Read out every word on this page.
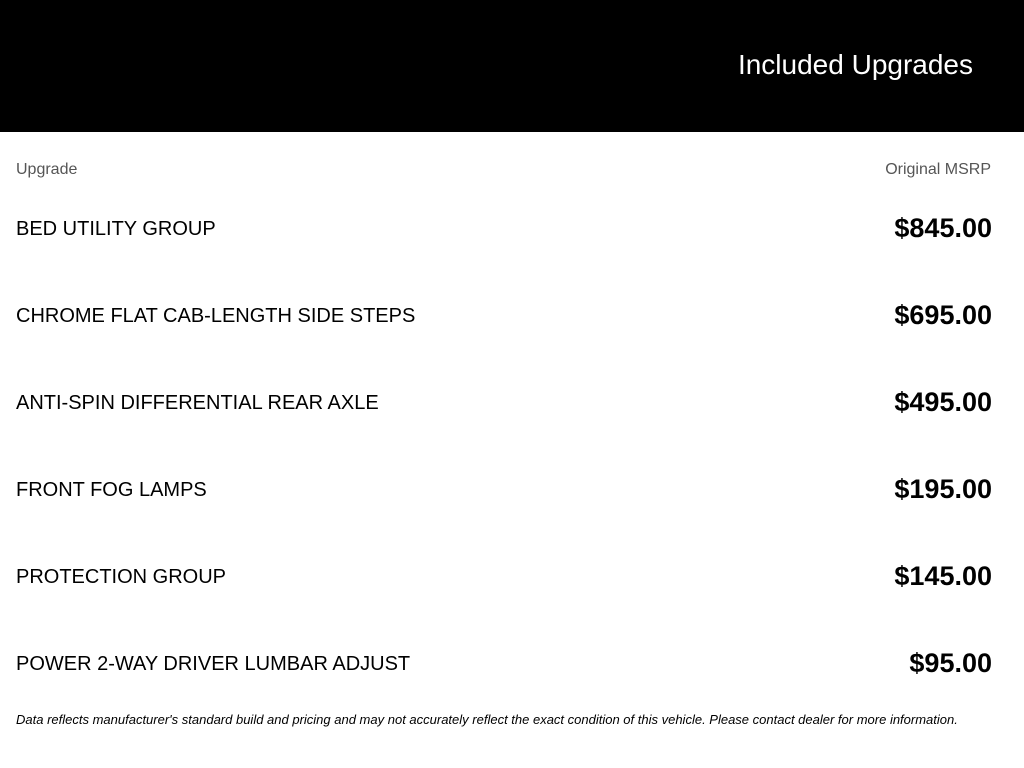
Included Upgrades
Upgrade	Original MSRP
BED UTILITY GROUP	$845.00
CHROME FLAT CAB-LENGTH SIDE STEPS	$695.00
ANTI-SPIN DIFFERENTIAL REAR AXLE	$495.00
FRONT FOG LAMPS	$195.00
PROTECTION GROUP	$145.00
POWER 2-WAY DRIVER LUMBAR ADJUST	$95.00
Data reflects manufacturer's standard build and pricing and may not accurately reflect the exact condition of this vehicle. Please contact dealer for more information.
